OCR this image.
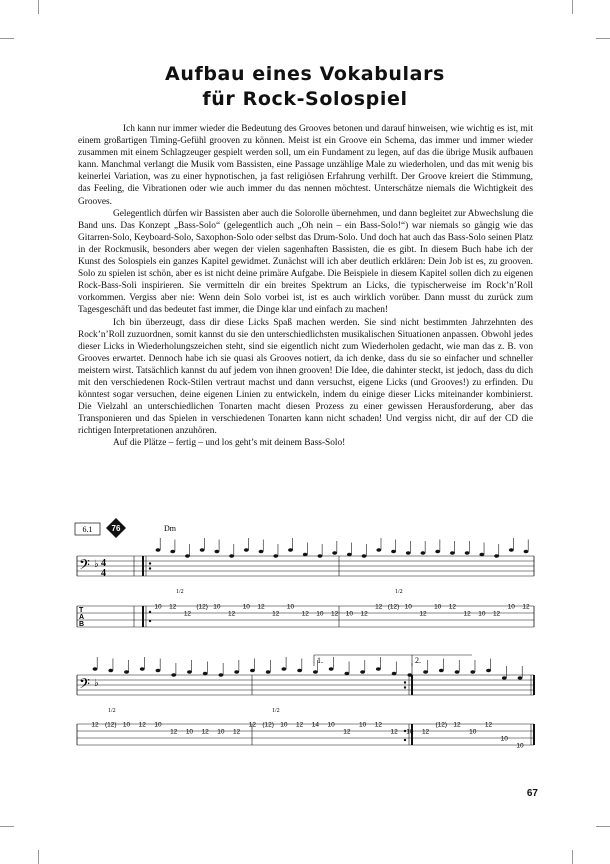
Aufbau eines Vokabulars
für Rock-Solospiel

Ich kann nur immer wieder die Bedeutung des Grooves betonen und darauf hinweisen, wie wichtig es ist, mit einem großartigen Timing-Gefühl grooven zu können. Meist ist ein Groove ein Schema, das immer und immer wieder zusammen mit einem Schlagzeuger gespielt werden soll, um ein Fundament zu legen, auf das die übrige Musik aufbauen kann. Manchmal verlangt die Musik vom Bassisten, eine Passage unzählige Male zu wiederholen, und das mit wenig bis keinerlei Variation, was zu einer hypnotischen, ja fast religiösen Erfahrung verhilft. Der Groove kreiert die Stimmung, das Feeling, die Vibrationen oder wie auch immer du das nennen möchtest. Unterschätze niemals die Wichtigkeit des Grooves.

Gelegentlich dürfen wir Bassisten aber auch die Solorolle übernehmen, und dann begleitet zur Abwechslung die Band uns. Das Konzept „Bass-Solo“ (gelegentlich auch „Oh nein – ein Bass-Solo!“) war niemals so gängig wie das Gitarren-Solo, Keyboard-Solo, Saxophon-Solo oder selbst das Drum-Solo. Und doch hat auch das Bass-Solo seinen Platz in der Rockmusik, besonders aber wegen der vielen sagenhaften Bassisten, die es gibt. In diesem Buch habe ich der Kunst des Solospiels ein ganzes Kapitel gewidmet. Zunächst will ich aber deutlich erklären: Dein Job ist es, zu grooven. Solo zu spielen ist schön, aber es ist nicht deine primäre Aufgabe. Die Beispiele in diesem Kapitel sollen dich zu eigenen Rock-Bass-Soli inspirieren. Sie vermitteln dir ein breites Spektrum an Licks, die typischerweise im Rock’n’Roll vorkommen. Vergiss aber nie: Wenn dein Solo vorbei ist, ist es auch wirklich vorüber. Dann musst du zurück zum Tagesgeschäft und das bedeutet fast immer, die Dinge klar und einfach zu machen!

Ich bin überzeugt, dass dir diese Licks Spaß machen werden. Sie sind nicht bestimmten Jahrzehnten des Rock’n’Roll zuzuordnen, somit kannst du sie den unterschiedlichsten musikalischen Situationen anpassen. Obwohl jedes dieser Licks in Wiederholungszeichen steht, sind sie eigentlich nicht zum Wiederholen gedacht, wie man das z. B. von Grooves erwartet. Dennoch habe ich sie quasi als Grooves notiert, da ich denke, dass du sie so einfacher und schneller meistern wirst. Tatsächlich kannst du auf jedem von ihnen grooven! Die Idee, die dahinter steckt, ist jedoch, dass du dich mit den verschiedenen Rock-Stilen vertraut machst und dann versuchst, eigene Licks (und Grooves!) zu erfinden. Du könntest sogar versuchen, deine eigenen Linien zu entwickeln, indem du einige dieser Licks miteinander kombinierst. Die Vielzahl an unterschiedlichen Tonarten macht diesen Prozess zu einer gewissen Herausforderung, aber das Transponieren und das Spielen in verschiedenen Tonarten kann nicht schaden! Und vergiss nicht, dir auf der CD die richtigen Interpretationen anzuhören.

Auf die Plätze – fertig – und los geht’s mit deinem Bass-Solo!

6.1 76	Dm
𝄢 ♭ 4
4
T
A
B
1/2	1/2
10 12
12
(12) 10
12
10 12
12
10
12 10 12 10 12
12 (12) 10
12
10 12
12 10 12
10 12
𝄢 ♭
1.	2.
1/2	1/2
12 (12) 10 12 10
12 10 12 10 12
12 (12) 10 12 14 10
12
10 12
12 10 12
(12) 12
10
12
10
10
67
